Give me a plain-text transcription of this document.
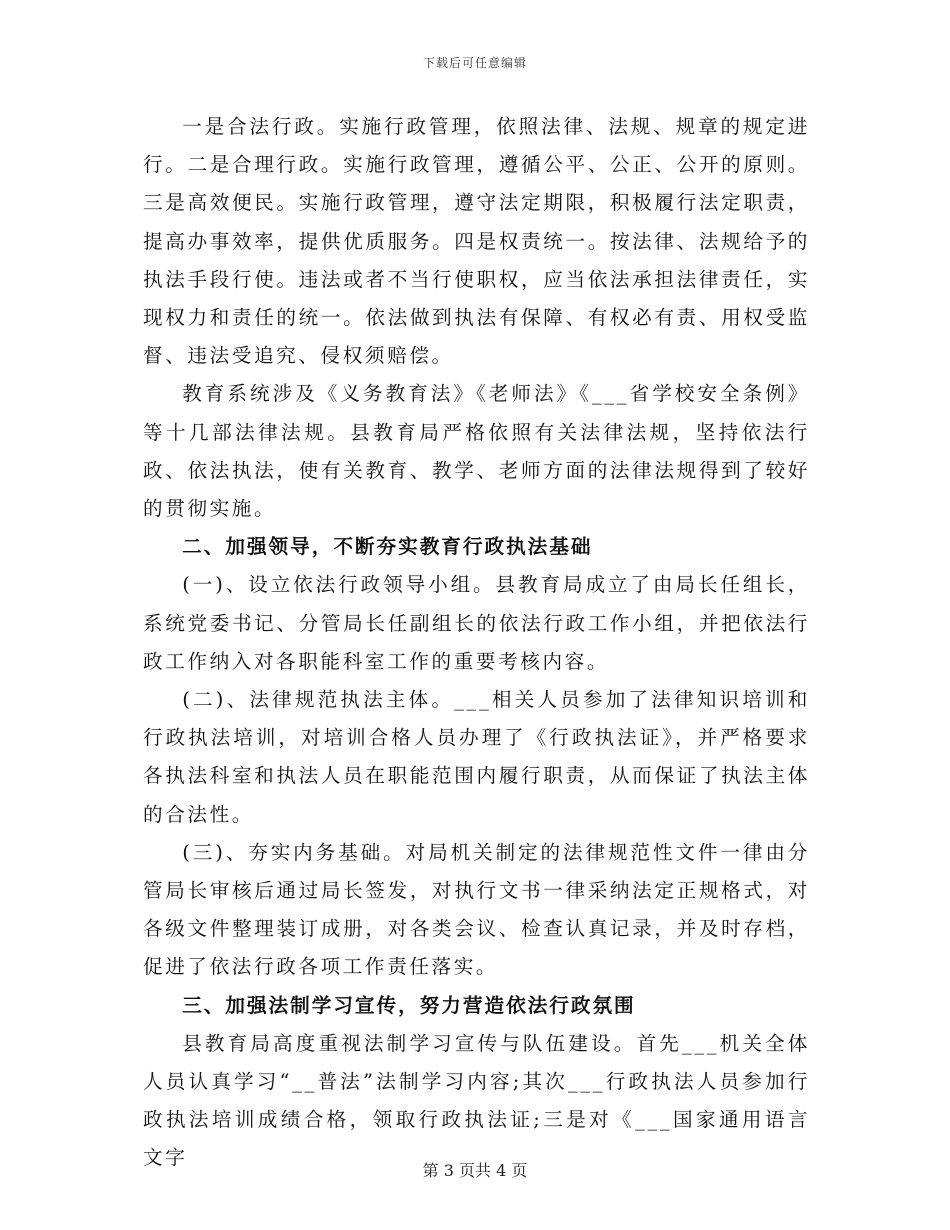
下载后可任意编辑

一是合法行政。实施行政管理，依照法律、法规、规章的规定进行。二是合理行政。实施行政管理，遵循公平、公正、公开的原则。三是高效便民。实施行政管理，遵守法定期限，积极履行法定职责，提高办事效率，提供优质服务。四是权责统一。按法律、法规给予的执法手段行使。违法或者不当行使职权，应当依法承担法律责任，实现权力和责任的统一。依法做到执法有保障、有权必有责、用权受监督、违法受追究、侵权须赔偿。

教育系统涉及《义务教育法》《老师法》《___省学校安全条例》等十几部法律法规。县教育局严格依照有关法律法规，坚持依法行政、依法执法，使有关教育、教学、老师方面的法律法规得到了较好的贯彻实施。

二、加强领导，不断夯实教育行政执法基础

(一)、设立依法行政领导小组。县教育局成立了由局长任组长，系统党委书记、分管局长任副组长的依法行政工作小组，并把依法行政工作纳入对各职能科室工作的重要考核内容。

(二)、法律规范执法主体。___相关人员参加了法律知识培训和行政执法培训，对培训合格人员办理了《行政执法证》，并严格要求各执法科室和执法人员在职能范围内履行职责，从而保证了执法主体的合法性。

(三)、夯实内务基础。对局机关制定的法律规范性文件一律由分管局长审核后通过局长签发，对执行文书一律采纳法定正规格式，对各级文件整理装订成册，对各类会议、检查认真记录，并及时存档，促进了依法行政各项工作责任落实。

三、加强法制学习宣传，努力营造依法行政氛围

县教育局高度重视法制学习宣传与队伍建设。首先___机关全体人员认真学习“__普法”法制学习内容;其次___行政执法人员参加行政执法培训成绩合格，领取行政执法证;三是对《___国家通用语言文字

第 3 页共 4 页
